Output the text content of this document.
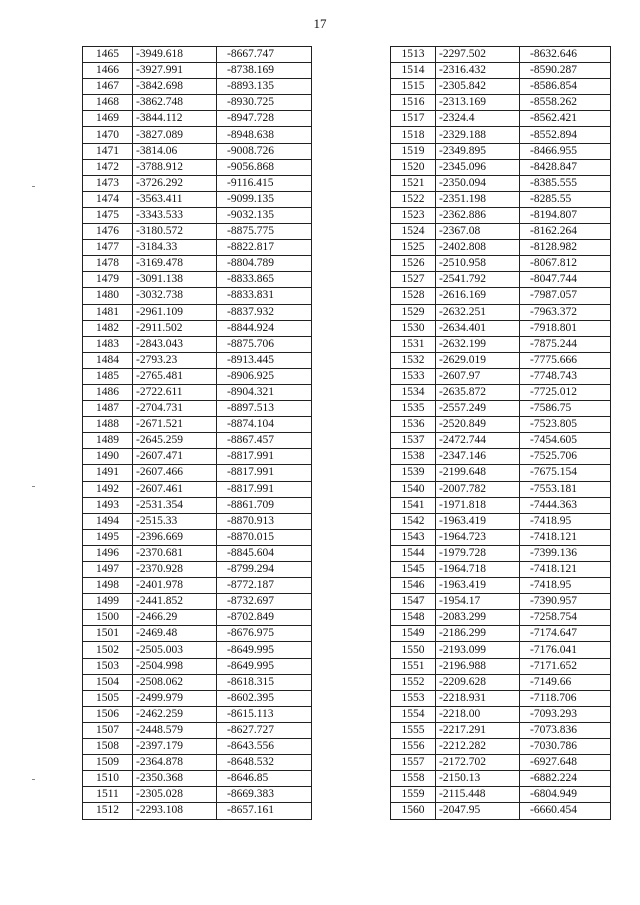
17
1465	-3949.618	-8667.747
1466	-3927.991	-8738.169
1467	-3842.698	-8893.135
1468	-3862.748	-8930.725
1469	-3844.112	-8947.728
1470	-3827.089	-8948.638
1471	-3814.06	-9008.726
1472	-3788.912	-9056.868
1473	-3726.292	-9116.415
1474	-3563.411	-9099.135
1475	-3343.533	-9032.135
1476	-3180.572	-8875.775
1477	-3184.33	-8822.817
1478	-3169.478	-8804.789
1479	-3091.138	-8833.865
1480	-3032.738	-8833.831
1481	-2961.109	-8837.932
1482	-2911.502	-8844.924
1483	-2843.043	-8875.706
1484	-2793.23	-8913.445
1485	-2765.481	-8906.925
1486	-2722.611	-8904.321
1487	-2704.731	-8897.513
1488	-2671.521	-8874.104
1489	-2645.259	-8867.457
1490	-2607.471	-8817.991
1491	-2607.466	-8817.991
1492	-2607.461	-8817.991
1493	-2531.354	-8861.709
1494	-2515.33	-8870.913
1495	-2396.669	-8870.015
1496	-2370.681	-8845.604
1497	-2370.928	-8799.294
1498	-2401.978	-8772.187
1499	-2441.852	-8732.697
1500	-2466.29	-8702.849
1501	-2469.48	-8676.975
1502	-2505.003	-8649.995
1503	-2504.998	-8649.995
1504	-2508.062	-8618.315
1505	-2499.979	-8602.395
1506	-2462.259	-8615.113
1507	-2448.579	-8627.727
1508	-2397.179	-8643.556
1509	-2364.878	-8648.532
1510	-2350.368	-8646.85
1511	-2305.028	-8669.383
1512	-2293.108	-8657.161
1513	-2297.502	-8632.646
1514	-2316.432	-8590.287
1515	-2305.842	-8586.854
1516	-2313.169	-8558.262
1517	-2324.4	-8562.421
1518	-2329.188	-8552.894
1519	-2349.895	-8466.955
1520	-2345.096	-8428.847
1521	-2350.094	-8385.555
1522	-2351.198	-8285.55
1523	-2362.886	-8194.807
1524	-2367.08	-8162.264
1525	-2402.808	-8128.982
1526	-2510.958	-8067.812
1527	-2541.792	-8047.744
1528	-2616.169	-7987.057
1529	-2632.251	-7963.372
1530	-2634.401	-7918.801
1531	-2632.199	-7875.244
1532	-2629.019	-7775.666
1533	-2607.97	-7748.743
1534	-2635.872	-7725.012
1535	-2557.249	-7586.75
1536	-2520.849	-7523.805
1537	-2472.744	-7454.605
1538	-2347.146	-7525.706
1539	-2199.648	-7675.154
1540	-2007.782	-7553.181
1541	-1971.818	-7444.363
1542	-1963.419	-7418.95
1543	-1964.723	-7418.121
1544	-1979.728	-7399.136
1545	-1964.718	-7418.121
1546	-1963.419	-7418.95
1547	-1954.17	-7390.957
1548	-2083.299	-7258.754
1549	-2186.299	-7174.647
1550	-2193.099	-7176.041
1551	-2196.988	-7171.652
1552	-2209.628	-7149.66
1553	-2218.931	-7118.706
1554	-2218.00	-7093.293
1555	-2217.291	-7073.836
1556	-2212.282	-7030.786
1557	-2172.702	-6927.648
1558	-2150.13	-6882.224
1559	-2115.448	-6804.949
1560	-2047.95	-6660.454
